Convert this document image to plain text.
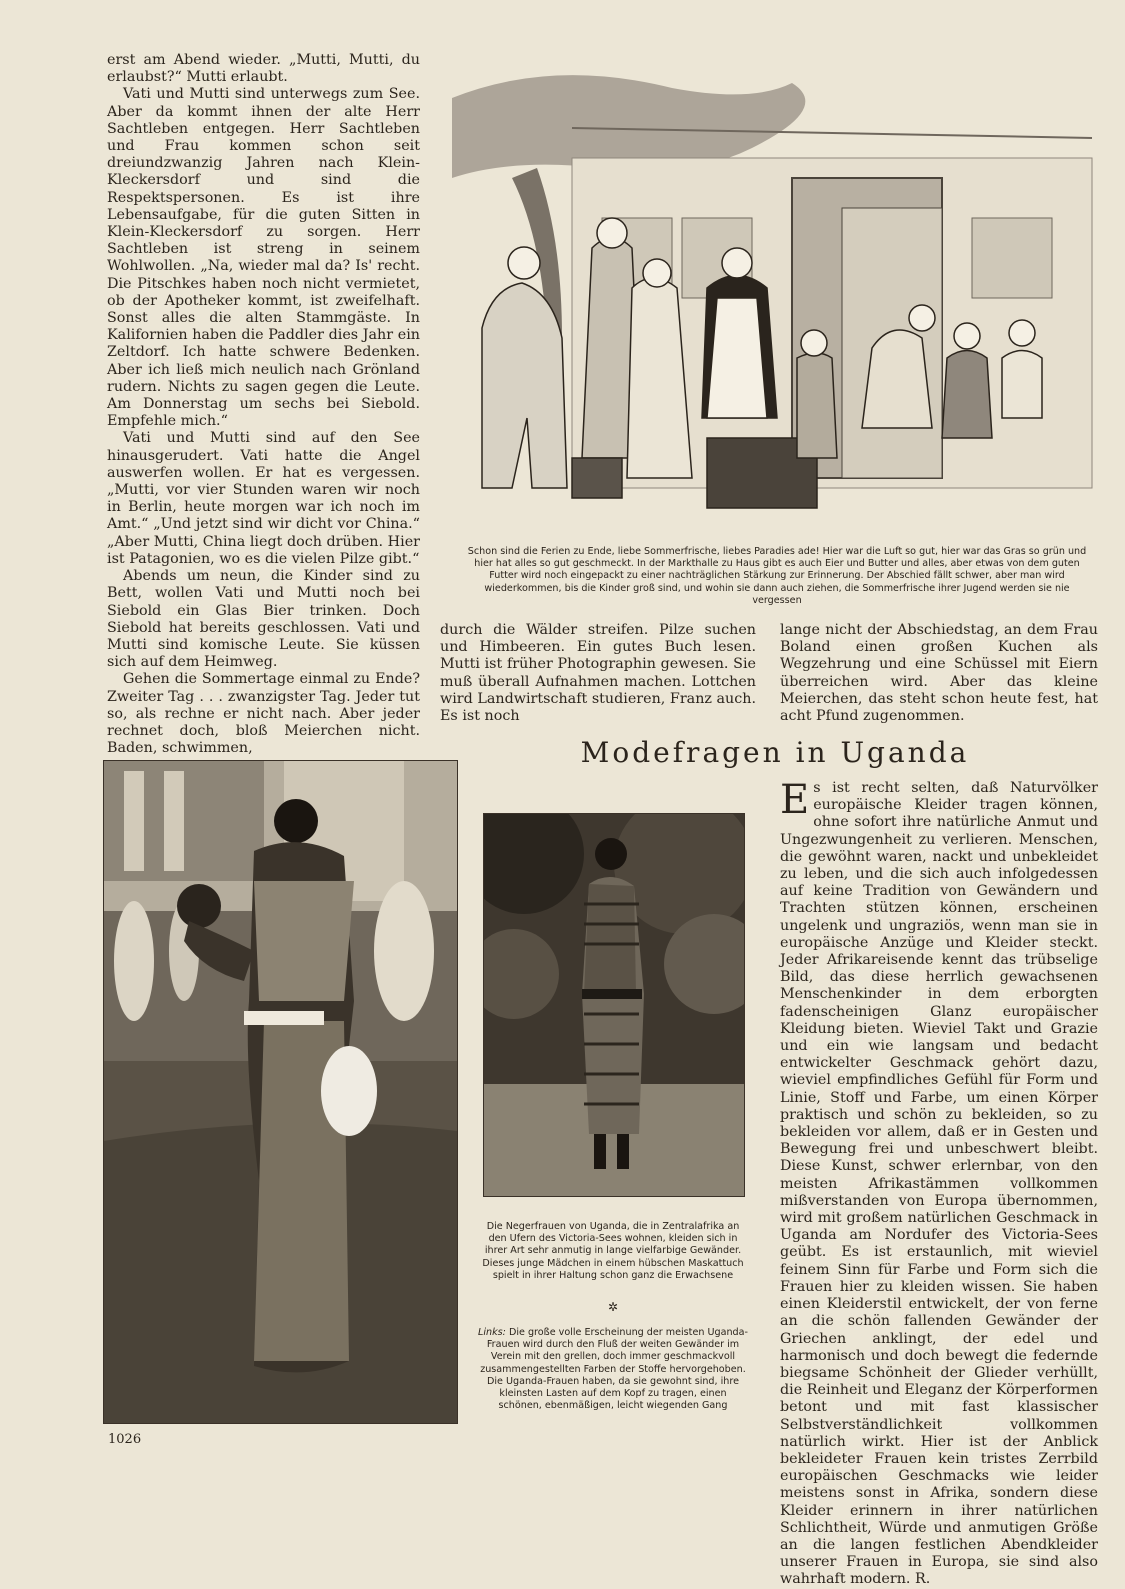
erst am Abend wieder. „Mutti, Mutti, du erlaubst?“ Mutti erlaubt.

Vati und Mutti sind unterwegs zum See. Aber da kommt ihnen der alte Herr Sachtleben entgegen. Herr Sachtleben und Frau kommen schon seit dreiundzwanzig Jahren nach Klein-Kleckersdorf und sind die Respektspersonen. Es ist ihre Lebensaufgabe, für die guten Sitten in Klein-Kleckersdorf zu sorgen. Herr Sachtleben ist streng in seinem Wohlwollen. „Na, wieder mal da? Is' recht. Die Pitschkes haben noch nicht vermietet, ob der Apotheker kommt, ist zweifelhaft. Sonst alles die alten Stammgäste. In Kalifornien haben die Paddler dies Jahr ein Zeltdorf. Ich hatte schwere Bedenken. Aber ich ließ mich neulich nach Grönland rudern. Nichts zu sagen gegen die Leute. Am Donnerstag um sechs bei Siebold. Empfehle mich.“

Vati und Mutti sind auf den See hinausgerudert. Vati hatte die Angel auswerfen wollen. Er hat es vergessen. „Mutti, vor vier Stunden waren wir noch in Berlin, heute morgen war ich noch im Amt.“ „Und jetzt sind wir dicht vor China.“ „Aber Mutti, China liegt doch drüben. Hier ist Patagonien, wo es die vielen Pilze gibt.“

Abends um neun, die Kinder sind zu Bett, wollen Vati und Mutti noch bei Siebold ein Glas Bier trinken. Doch Siebold hat bereits geschlossen. Vati und Mutti sind komische Leute. Sie küssen sich auf dem Heimweg.

Gehen die Sommertage einmal zu Ende? Zweiter Tag . . . zwanzigster Tag. Jeder tut so, als rechne er nicht nach. Aber jeder rechnet doch, bloß Meierchen nicht. Baden, schwimmen,

Schon sind die Ferien zu Ende, liebe Sommerfrische, liebes Paradies ade! Hier war die Luft so gut, hier war das Gras so grün und hier hat alles so gut geschmeckt. In der Markthalle zu Haus gibt es auch Eier und Butter und alles, aber etwas von dem guten Futter wird noch eingepackt zu einer nachträglichen Stärkung zur Erinnerung. Der Abschied fällt schwer, aber man wird wiederkommen, bis die Kinder groß sind, und wohin sie dann auch ziehen, die Sommerfrische ihrer Jugend werden sie nie vergessen

durch die Wälder streifen. Pilze suchen und Himbeeren. Ein gutes Buch lesen. Mutti ist früher Photographin gewesen. Sie muß überall Aufnahmen machen. Lottchen wird Landwirtschaft studieren, Franz auch. Es ist noch

lange nicht der Abschiedstag, an dem Frau Boland einen großen Kuchen als Wegzehrung und eine Schüssel mit Eiern überreichen wird. Aber das kleine Meierchen, das steht schon heute fest, hat acht Pfund zugenommen.

Modefragen in Uganda

Die Negerfrauen von Uganda, die in Zentralafrika an den Ufern des Victoria-Sees wohnen, kleiden sich in ihrer Art sehr anmutig in lange vielfarbige Gewänder. Dieses junge Mädchen in einem hübschen Maskattuch spielt in ihrer Haltung schon ganz die Erwachsene

✲

Links: Die große volle Erscheinung der meisten Uganda-Frauen wird durch den Fluß der weiten Gewänder im Verein mit den grellen, doch immer geschmackvoll zusammengestellten Farben der Stoffe hervorgehoben. Die Uganda-Frauen haben, da sie gewohnt sind, ihre kleinsten Lasten auf dem Kopf zu tragen, einen schönen, ebenmäßigen, leicht wiegenden Gang

Es ist recht selten, daß Naturvölker europäische Kleider tragen können, ohne sofort ihre natürliche Anmut und Ungezwungenheit zu verlieren. Menschen, die gewöhnt waren, nackt und unbekleidet zu leben, und die sich auch infolgedessen auf keine Tradition von Gewändern und Trachten stützen können, erscheinen ungelenk und ungraziös, wenn man sie in europäische Anzüge und Kleider steckt. Jeder Afrikareisende kennt das trübselige Bild, das diese herrlich gewachsenen Menschenkinder in dem erborgten fadenscheinigen Glanz europäischer Kleidung bieten. Wieviel Takt und Grazie und ein wie langsam und bedacht entwickelter Geschmack gehört dazu, wieviel empfindliches Gefühl für Form und Linie, Stoff und Farbe, um einen Körper praktisch und schön zu bekleiden, so zu bekleiden vor allem, daß er in Gesten und Bewegung frei und unbeschwert bleibt. Diese Kunst, schwer erlernbar, von den meisten Afrikastämmen vollkommen mißverstanden von Europa übernommen, wird mit großem natürlichen Geschmack in Uganda am Nordufer des Victoria-Sees geübt. Es ist erstaunlich, mit wieviel feinem Sinn für Farbe und Form sich die Frauen hier zu kleiden wissen. Sie haben einen Kleiderstil entwickelt, der von ferne an die schön fallenden Gewänder der Griechen anklingt, der edel und harmonisch und doch bewegt die federnde biegsame Schönheit der Glieder verhüllt, die Reinheit und Eleganz der Körperformen betont und mit fast klassischer Selbstverständlichkeit vollkommen natürlich wirkt. Hier ist der Anblick bekleideter Frauen kein tristes Zerrbild europäischen Geschmacks wie leider meistens sonst in Afrika, sondern diese Kleider erinnern in ihrer natürlichen Schlichtheit, Würde und anmutigen Größe an die langen festlichen Abendkleider unserer Frauen in Europa, sie sind also wahrhaft modern. R.

1026
